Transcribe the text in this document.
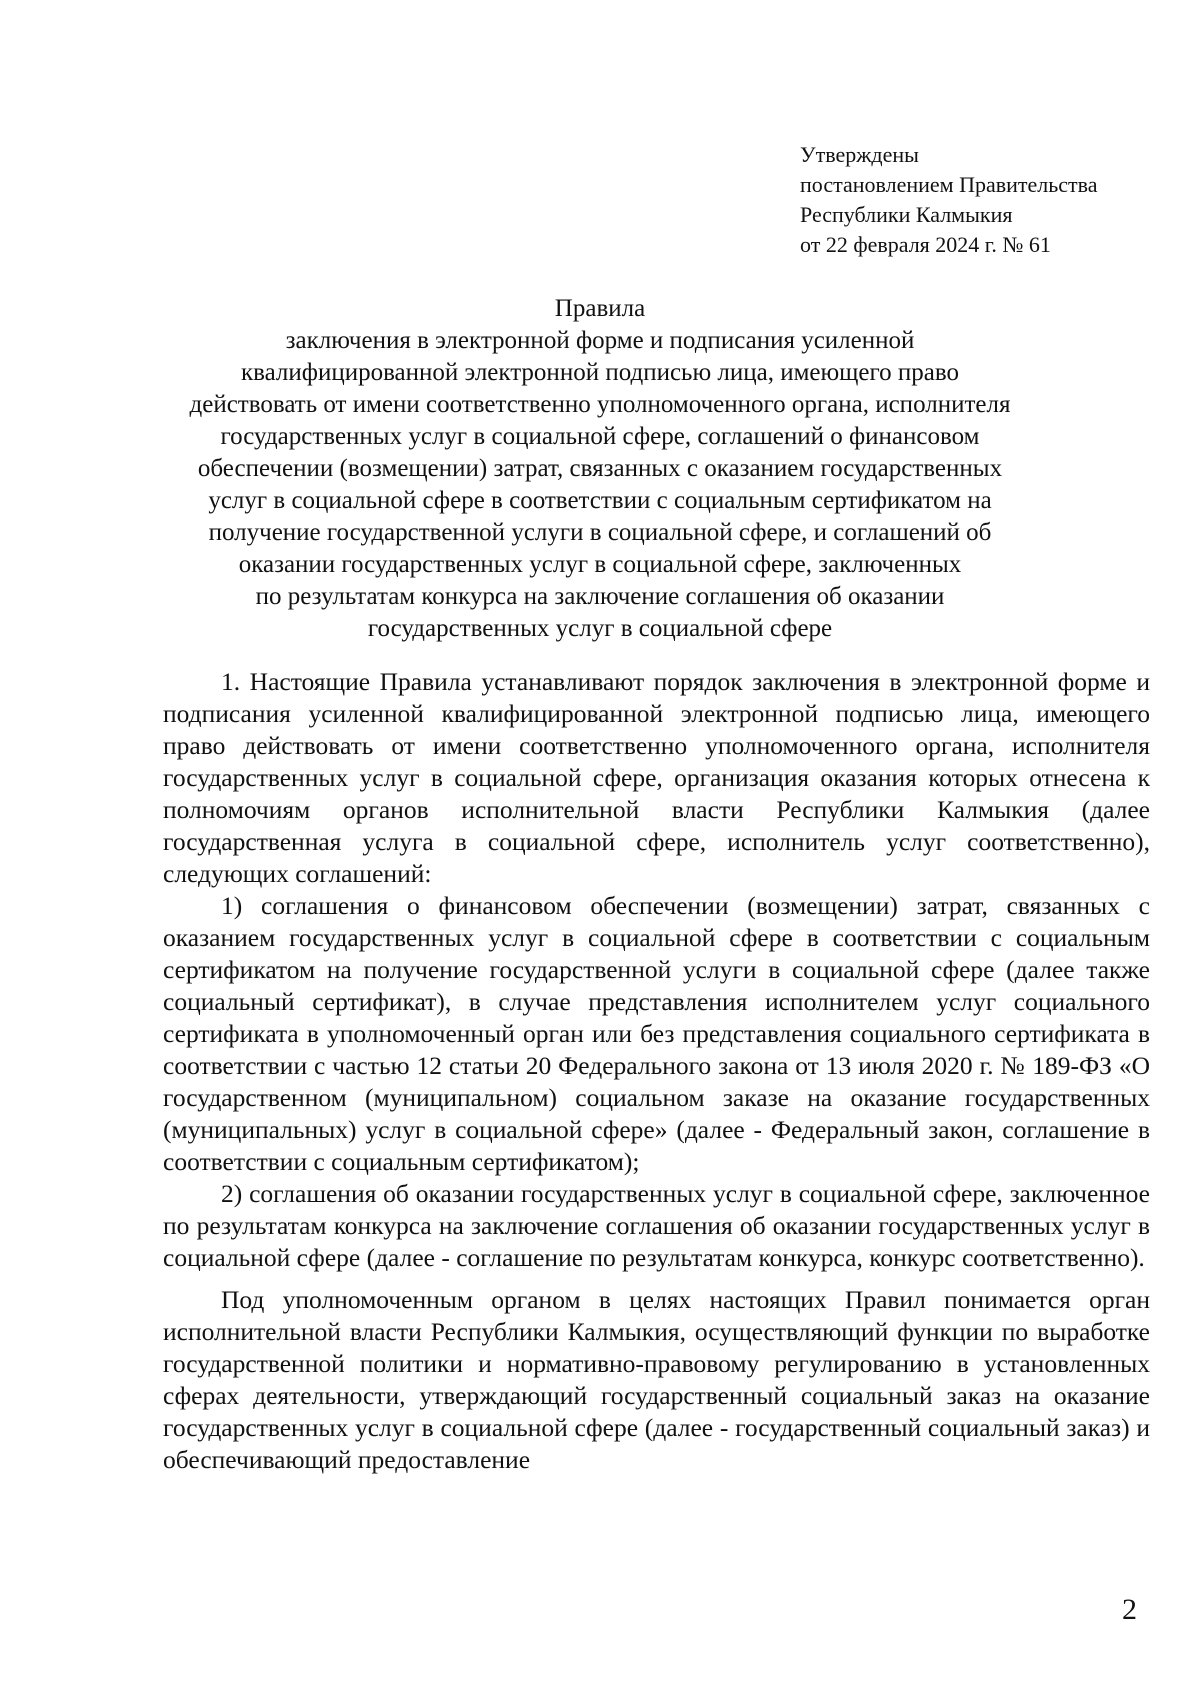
Утверждены
постановлением Правительства
Республики Калмыкия
от 22 февраля 2024 г. № 61
Правила
заключения в электронной форме и подписания усиленной
квалифицированной электронной подписью лица, имеющего право
действовать от имени соответственно уполномоченного органа, исполнителя
государственных услуг в социальной сфере, соглашений о финансовом
обеспечении (возмещении) затрат, связанных с оказанием государственных
услуг в социальной сфере в соответствии с социальным сертификатом на
получение государственной услуги в социальной сфере, и соглашений об
оказании государственных услуг в социальной сфере, заключенных
по результатам конкурса на заключение соглашения об оказании
государственных услуг в социальной сфере

1. Настоящие Правила устанавливают порядок заключения в электронной форме и подписания усиленной квалифицированной электронной подписью лица, имеющего право действовать от имени соответственно уполномоченного органа, исполнителя государственных услуг в социальной сфере, организация оказания которых отнесена к полномочиям органов исполнительной власти Республики Калмыкия (далее государственная услуга в социальной сфере, исполнитель услуг соответственно), следующих соглашений:

1) соглашения о финансовом обеспечении (возмещении) затрат, связанных с оказанием государственных услуг в социальной сфере в соответствии с социальным сертификатом на получение государственной услуги в социальной сфере (далее также социальный сертификат), в случае представления исполнителем услуг социального сертификата в уполномоченный орган или без представления социального сертификата в соответствии с частью 12 статьи 20 Федерального закона от 13 июля 2020 г. № 189-ФЗ «О государственном (муниципальном) социальном заказе на оказание государственных (муниципальных) услуг в социальной сфере» (далее - Федеральный закон, соглашение в соответствии с социальным сертификатом);

2) соглашения об оказании государственных услуг в социальной сфере, заключенное по результатам конкурса на заключение соглашения об оказании государственных услуг в социальной сфере (далее - соглашение по результатам конкурса, конкурс соответственно).

Под уполномоченным органом в целях настоящих Правил понимается орган исполнительной власти Республики Калмыкия, осуществляющий функции по выработке государственной политики и нормативно-правовому регулированию в установленных сферах деятельности, утверждающий государственный социальный заказ на оказание государственных услуг в социальной сфере (далее - государственный социальный заказ) и обеспечивающий предоставление

2
